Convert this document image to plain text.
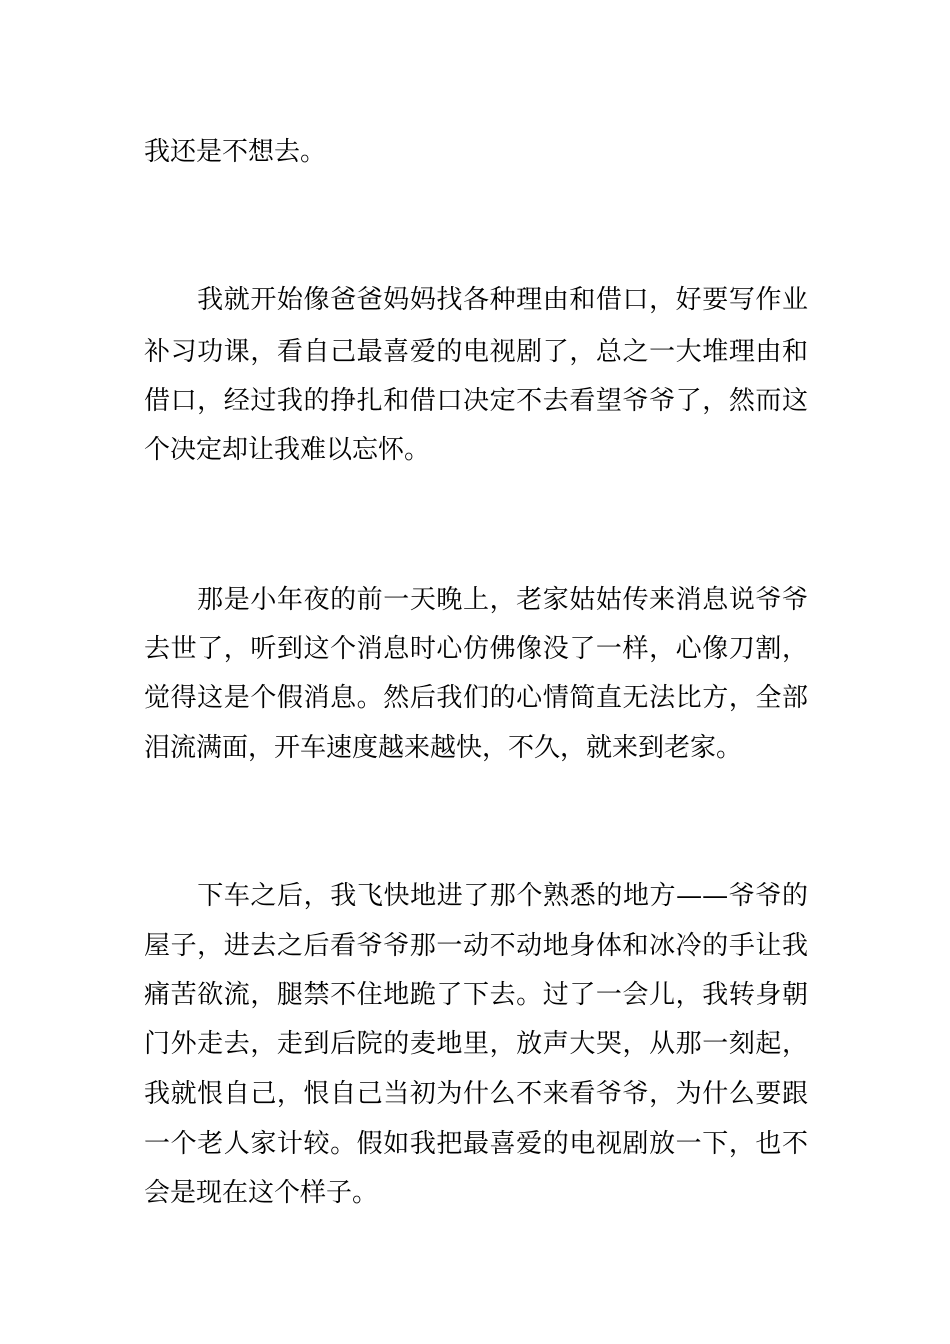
我还是不想去。
　　我就开始像爸爸妈妈找各种理由和借口，好要写作业
补习功课，看自己最喜爱的电视剧了，总之一大堆理由和
借口，经过我的挣扎和借口决定不去看望爷爷了，然而这
个决定却让我难以忘怀。
　　那是小年夜的前一天晚上，老家姑姑传来消息说爷爷
去世了，听到这个消息时心仿佛像没了一样，心像刀割，
觉得这是个假消息。然后我们的心情简直无法比方，全部
泪流满面，开车速度越来越快，不久，就来到老家。
　　下车之后，我飞快地进了那个熟悉的地方——爷爷的
屋子，进去之后看爷爷那一动不动地身体和冰冷的手让我
痛苦欲流，腿禁不住地跪了下去。过了一会儿，我转身朝
门外走去，走到后院的麦地里，放声大哭，从那一刻起，
我就恨自己，恨自己当初为什么不来看爷爷，为什么要跟
一个老人家计较。假如我把最喜爱的电视剧放一下，也不
会是现在这个样子。
